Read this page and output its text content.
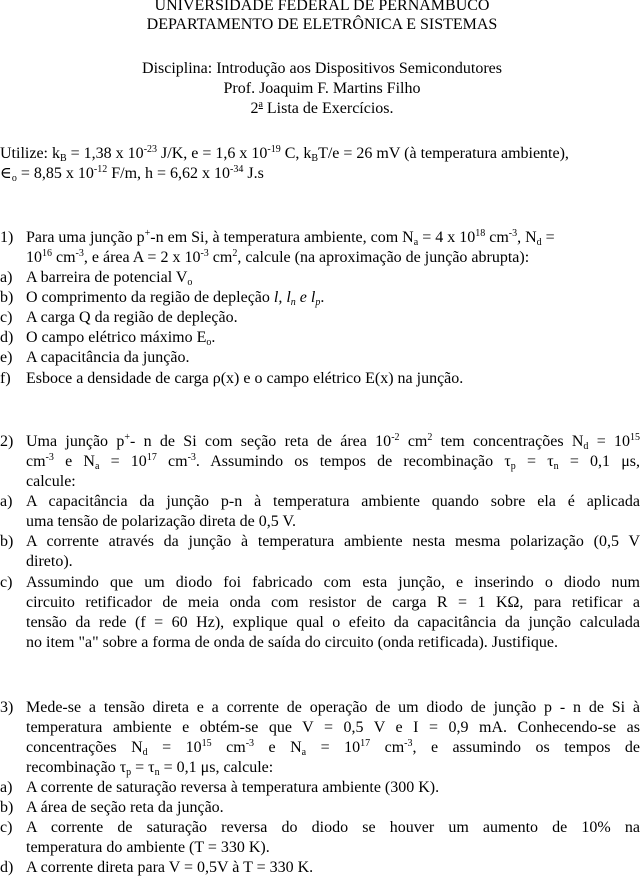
UNIVERSIDADE FEDERAL DE PERNAMBUCO
DEPARTAMENTO DE ELETRÔNICA E SISTEMAS
Disciplina: Introdução aos Dispositivos Semicondutores
Prof. Joaquim F. Martins Filho
2$^a$ Lista de Exercícios.
Utilize: $k_B = 1,38$ x $10^{-23}$ J/K, e = 1,6 x $10^{-19}$ C, $k_BT/e = 26$ mV (à temperatura ambiente),
$\in_o = 8,85$ x $10^{-12}$ F/m, h = 6,62 x $10^{-34}$ J.s
1) Para uma junção p+-n em Si, à temperatura ambiente, com $N_a = 4$ x $10^{18}$ $cm^{-3}$, $N_d$ =
$10^{16}$ $cm^{-3}$, e área A = 2 x $10^{-3}$ $cm^2$, calcule (na aproximação de junção abrupta):
a) A barreira de potencial $V_o$
b) O comprimento da região de depleção l, $l_n$ e $l_p$.
c) A carga Q da região de depleção.
d) O campo elétrico máximo $E_o$.
e) A capacitância da junção.
f) Esboce a densidade de carga ρ(x) e o campo elétrico E(x) na junção.
2) Uma junção p+- n de Si com seção reta de área $10^{-2}$ $cm^2$ tem concentrações $N_d = 10^{15}$
$cm^{-3}$ e $N_a = 10^{17}$ $cm^{-3}$. Assumindo os tempos de recombinação $\tau_p = \tau_n = 0,1$ μs,
calcule:
a) A capacitância da junção p-n à temperatura ambiente quando sobre ela é aplicada
uma tensão de polarização direta de 0,5 V.
b) A corrente através da junção à temperatura ambiente nesta mesma polarização (0,5 V
direto).
c) Assumindo que um diodo foi fabricado com esta junção, e inserindo o diodo num
circuito retificador de meia onda com resistor de carga R = 1 KΩ, para retificar a
tensão da rede (f = 60 Hz), explique qual o efeito da capacitância da junção calculada
no item "a" sobre a forma de onda de saída do circuito (onda retificada). Justifique.
3) Mede-se a tensão direta e a corrente de operação de um diodo de junção p - n de Si à
temperatura ambiente e obtém-se que V = 0,5 V e I = 0,9 mA. Conhecendo-se as
concentrações $N_d = 10^{15}$ $cm^{-3}$ e $N_a = 10^{17}$ $cm^{-3}$, e assumindo os tempos de
recombinação $\tau_p = \tau_n = 0,1$ μs, calcule:
a) A corrente de saturação reversa à temperatura ambiente (300 K).
b) A área de seção reta da junção.
c) A corrente de saturação reversa do diodo se houver um aumento de 10% na
temperatura do ambiente (T = 330 K).
d) A corrente direta para V = 0,5V à T = 330 K.
